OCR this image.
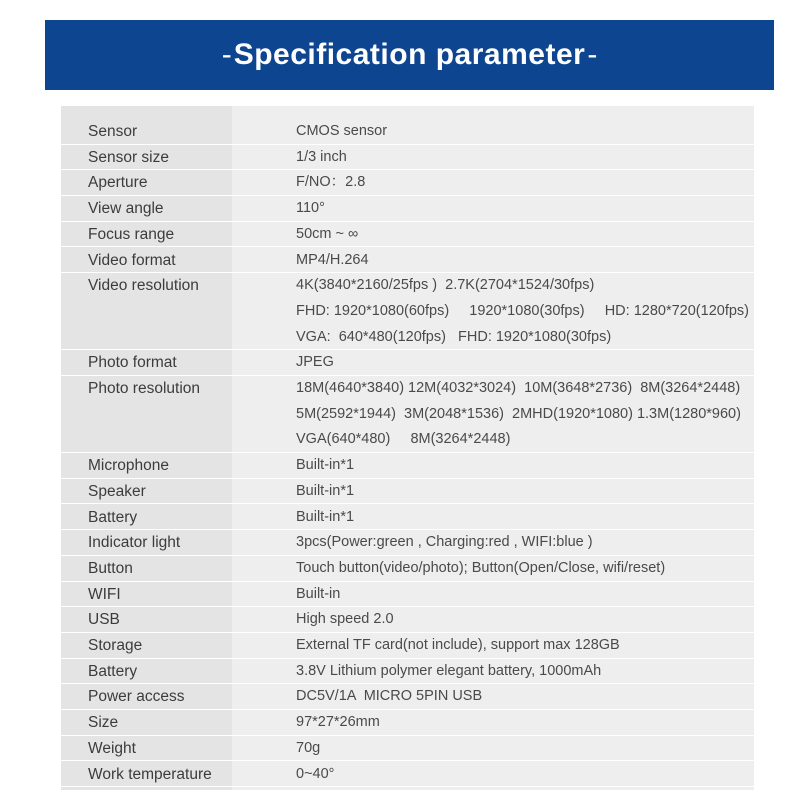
- Specification parameter -
Sensor	CMOS sensor
Sensor size	1/3 inch
Aperture	F/NO：2.8
View angle	110°
Focus range	50cm ~ ∞
Video format	MP4/H.264
Video resolution	4K(3840*2160/25fps )  2.7K(2704*1524/30fps)
FHD: 1920*1080(60fps)     1920*1080(30fps)     HD: 1280*720(120fps)
VGA:  640*480(120fps)   FHD: 1920*1080(30fps)
Photo format	JPEG
Photo resolution	18M(4640*3840) 12M(4032*3024)  10M(3648*2736)  8M(3264*2448)
5M(2592*1944)  3M(2048*1536)  2MHD(1920*1080) 1.3M(1280*960)
VGA(640*480)     8M(3264*2448)
Microphone	Built-in*1
Speaker	Built-in*1
Battery	Built-in*1
Indicator light	3pcs(Power:green , Charging:red , WIFI:blue )
Button	Touch button(video/photo); Button(Open/Close, wifi/reset)
WIFI	Built-in
USB	High speed 2.0
Storage	External TF card(not include), support max 128GB
Battery	3.8V Lithium polymer elegant battery, 1000mAh
Power access	DC5V/1A  MICRO 5PIN USB
Size	97*27*26mm
Weight	70g
Work temperature	0~40°
